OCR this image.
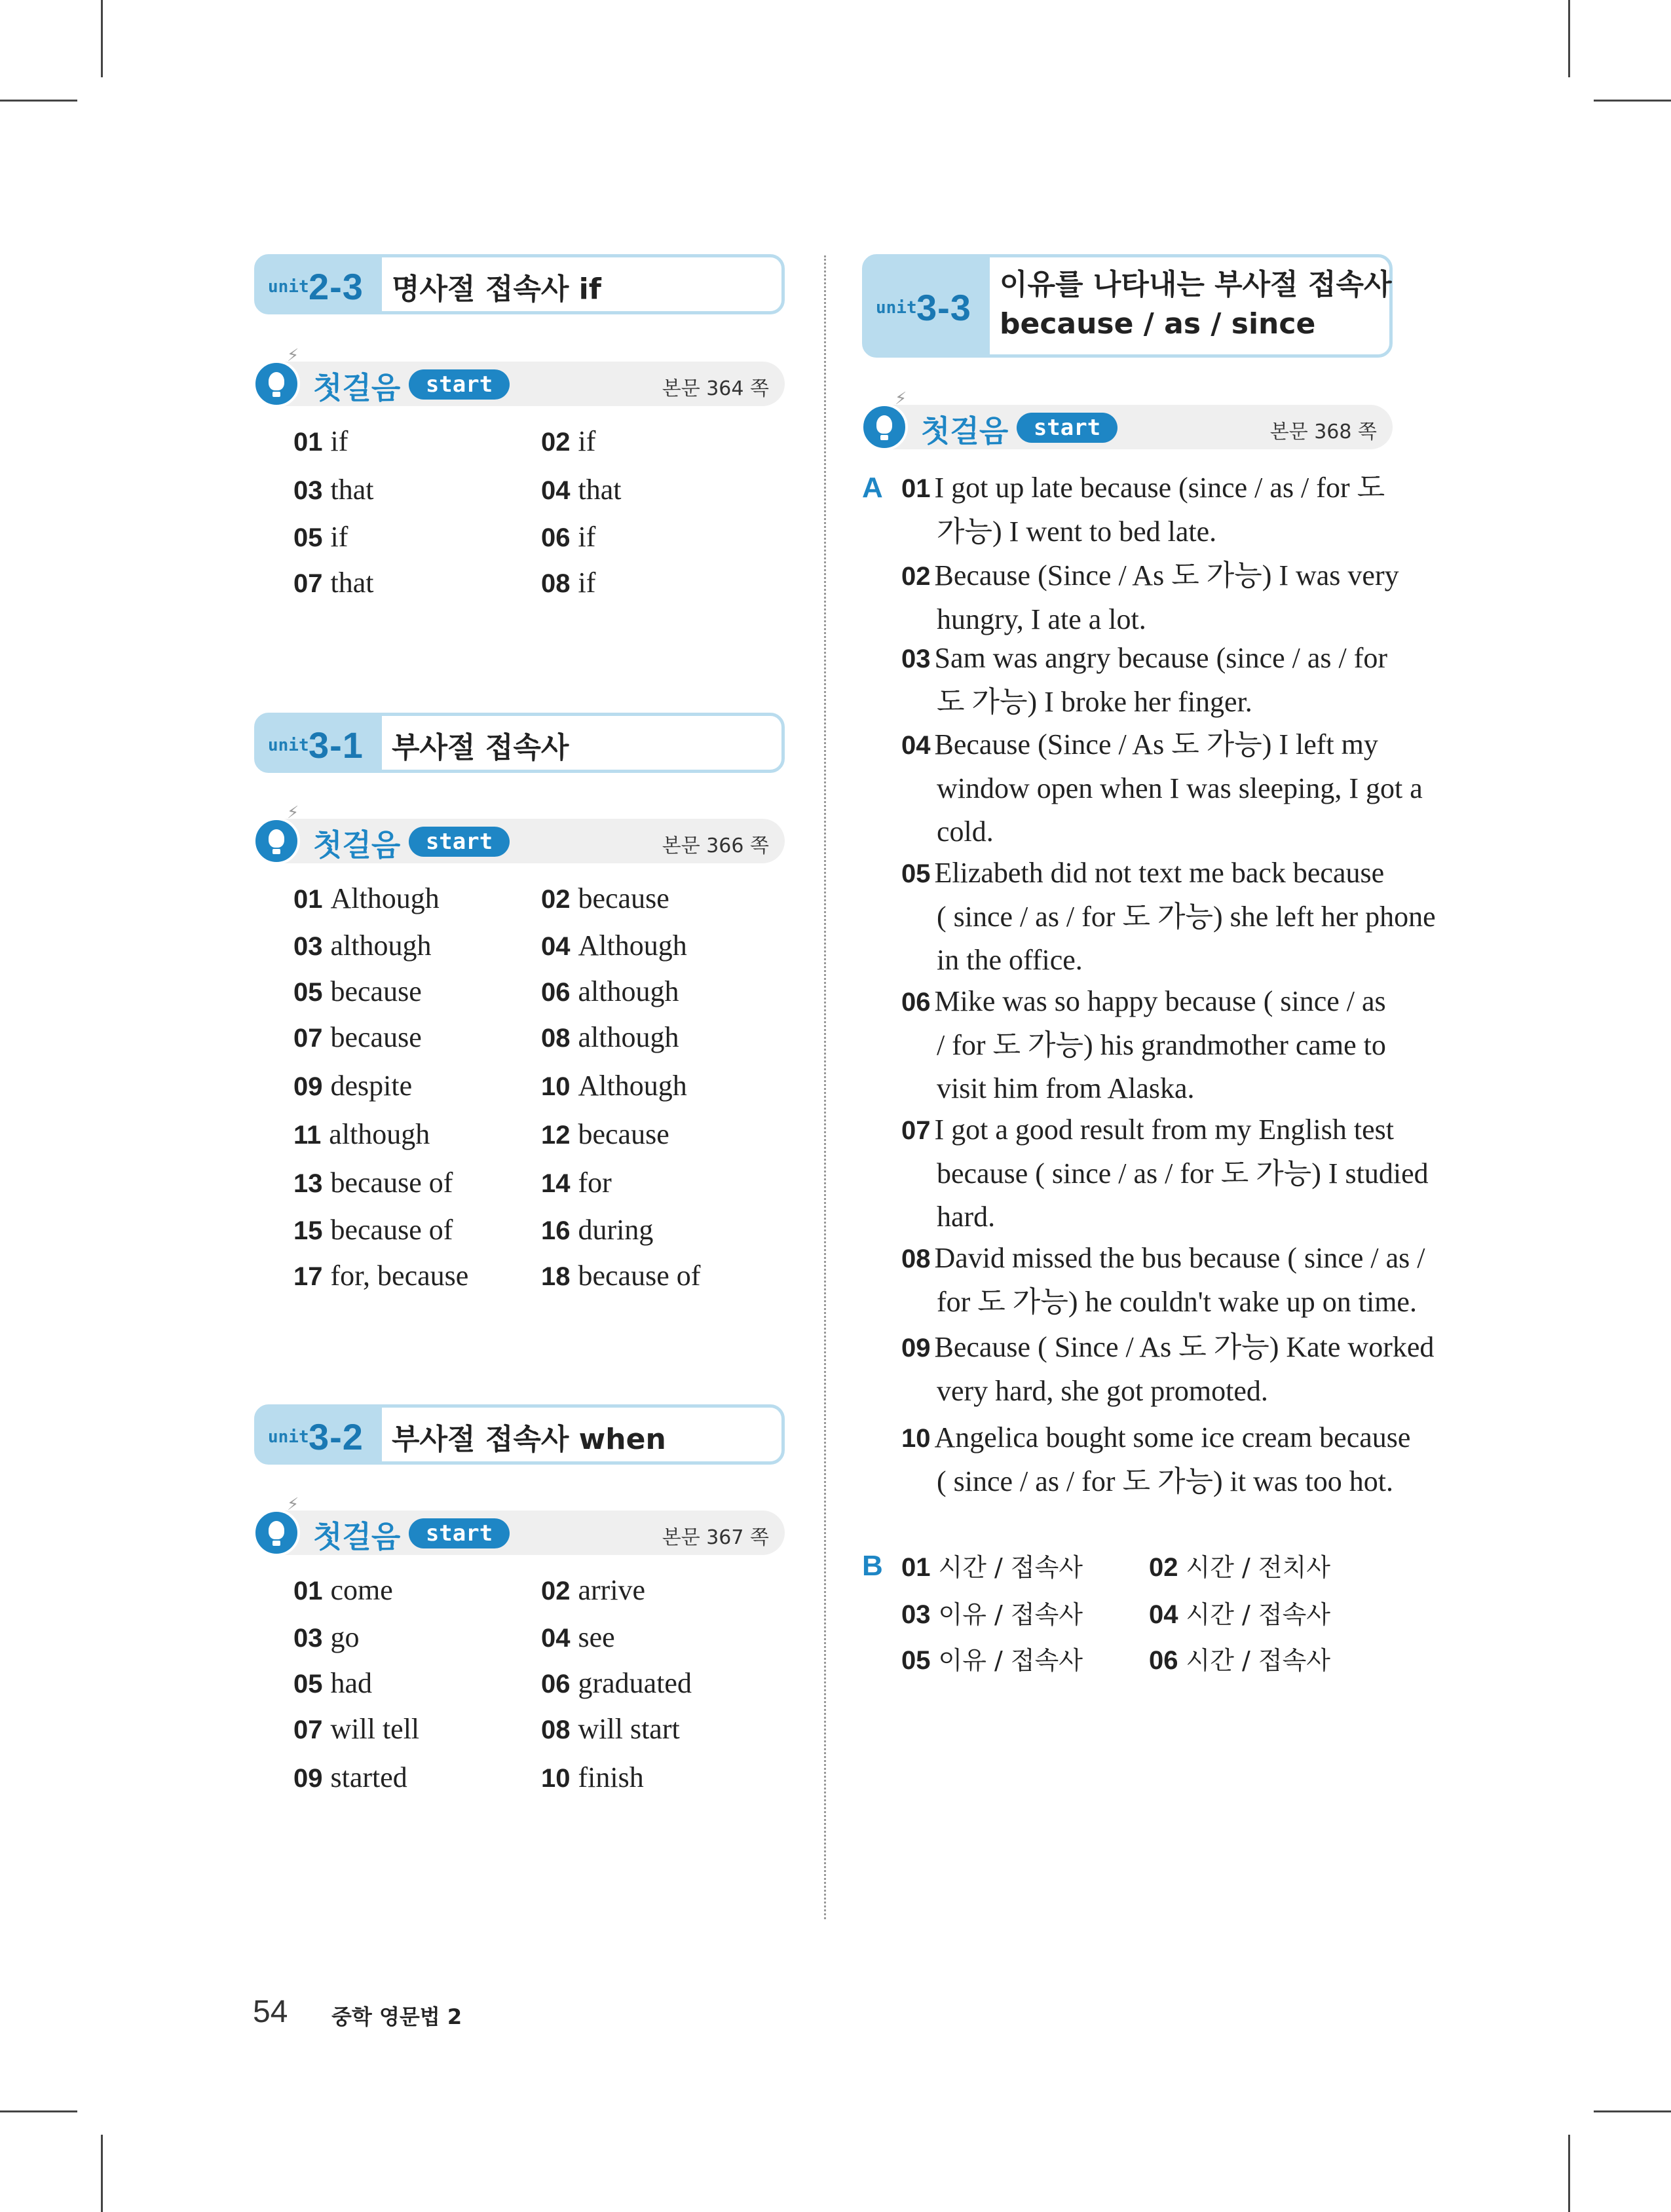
unit 2-3 명사절 접속사 if
⚡
첫걸음	start	본문 364 쪽
01 if	02 if
03 that	04 that
05 if	06 if
07 that	08 if
unit 3-1 부사절 접속사
⚡
첫걸음	start	본문 366 쪽
01 Although	02 because
03 although	04 Although
05 because	06 although
07 because	08 although
09 despite	10 Although
11 although	12 because
13 because of	14 for
15 because of	16 during
17 for, because	18 because of
unit 3-2 부사절 접속사 when
⚡
첫걸음	start	본문 367 쪽
01 come	02 arrive
03 go	04 see
05 had	06 graduated
07 will tell	08 will start
09 started	10 finish
unit 3-3
이유를 나타내는 부사절 접속사
because / as / since
⚡
첫걸음	start	본문 368 쪽
A 01 I got up late because (since / as / for 도
가능) I went to bed late.
02 Because (Since / As 도 가능) I was very
hungry, I ate a lot.
03 Sam was angry because (since / as / for
도 가능) I broke her finger.
04 Because (Since / As 도 가능) I left my
window open when I was sleeping, I got a
cold.
05 Elizabeth did not text me back because
( since / as / for 도 가능) she left her phone
in the office.
06 Mike was so happy because ( since / as
/ for 도 가능) his grandmother came to
visit him from Alaska.
07 I got a good result from my English test
because ( since / as / for 도 가능) I studied
hard.
08 David missed the bus because ( since / as /
for 도 가능) he couldn't wake up on time.
09 Because ( Since / As 도 가능) Kate worked
very hard, she got promoted.
10 Angelica bought some ice cream because
( since / as / for 도 가능) it was too hot.
B 01 시간 / 접속사	02 시간 / 전치사
03 이유 / 접속사	04 시간 / 접속사
05 이유 / 접속사	06 시간 / 접속사
54 중학 영문법 2
